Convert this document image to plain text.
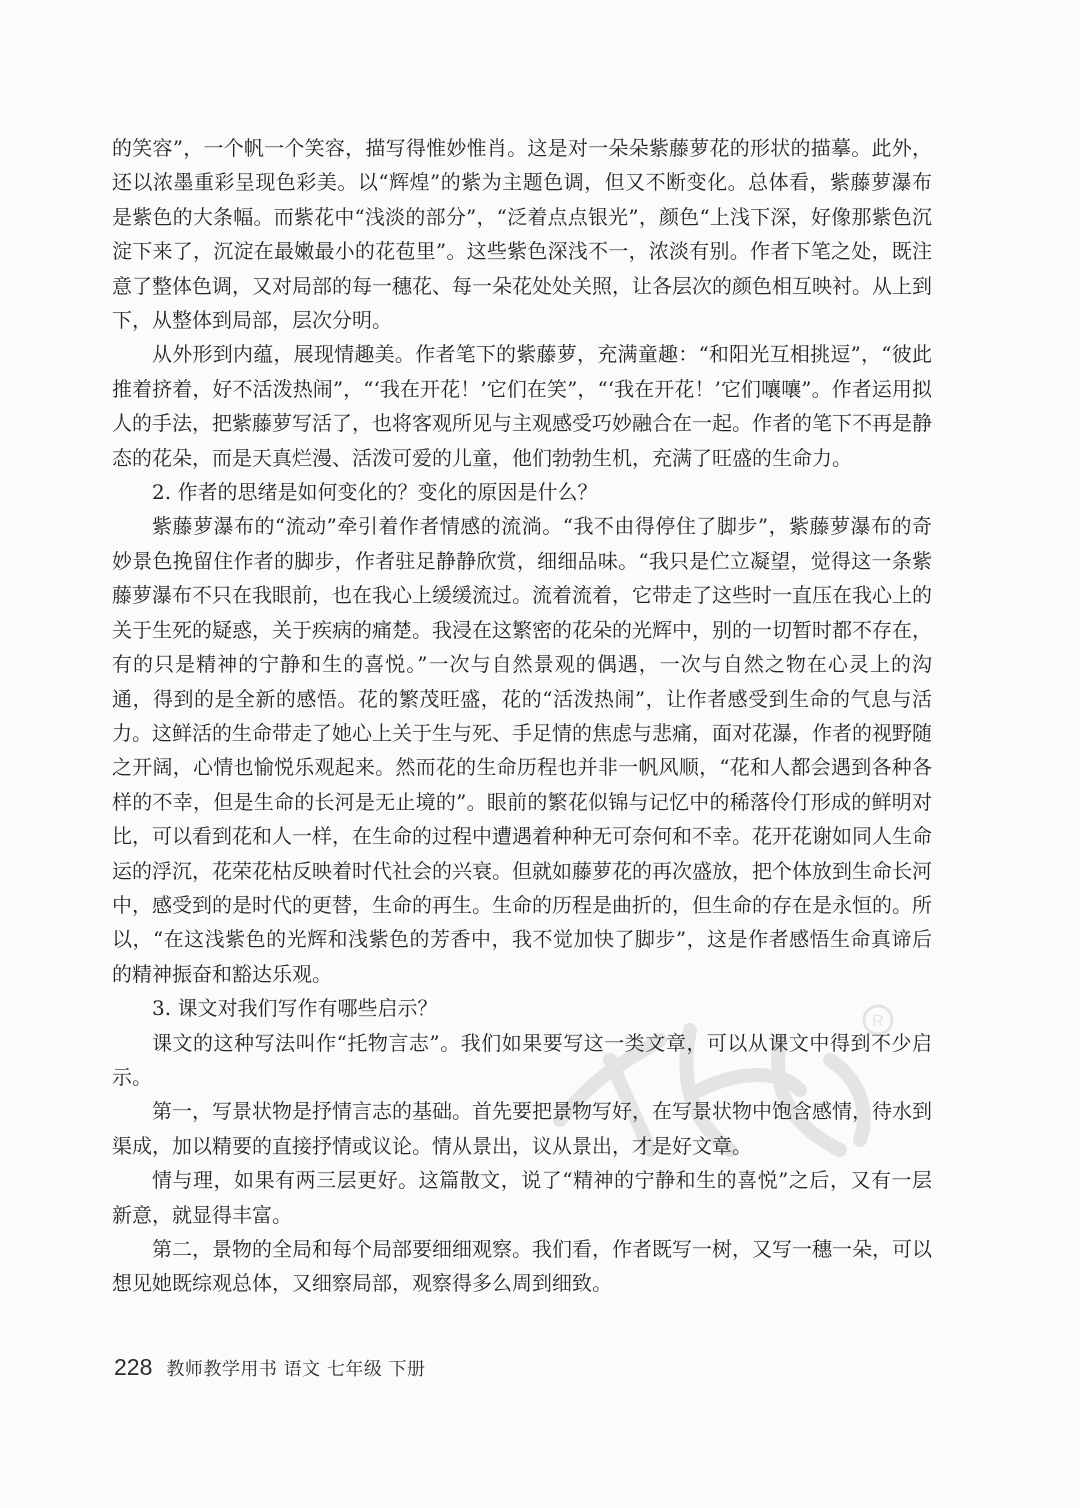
R

的笑容”，一个帆一个笑容，描写得惟妙惟肖。这是对一朵朵紫藤萝花的形状的描摹。此外，还以浓墨重彩呈现色彩美。以“辉煌”的紫为主题色调，但又不断变化。总体看，紫藤萝瀑布是紫色的大条幅。而紫花中“浅淡的部分”，“泛着点点银光”，颜色“上浅下深，好像那紫色沉淀下来了，沉淀在最嫩最小的花苞里”。这些紫色深浅不一，浓淡有别。作者下笔之处，既注意了整体色调，又对局部的每一穗花、每一朵花处处关照，让各层次的颜色相互映衬。从上到下，从整体到局部，层次分明。

从外形到内蕴，展现情趣美。作者笔下的紫藤萝，充满童趣：“和阳光互相挑逗”，“彼此推着挤着，好不活泼热闹”，“‘我在开花！’它们在笑”，“‘我在开花！’它们嚷嚷”。作者运用拟人的手法，把紫藤萝写活了，也将客观所见与主观感受巧妙融合在一起。作者的笔下不再是静态的花朵，而是天真烂漫、活泼可爱的儿童，他们勃勃生机，充满了旺盛的生命力。

2. 作者的思绪是如何变化的？变化的原因是什么？

紫藤萝瀑布的“流动”牵引着作者情感的流淌。“我不由得停住了脚步”，紫藤萝瀑布的奇妙景色挽留住作者的脚步，作者驻足静静欣赏，细细品味。“我只是伫立凝望，觉得这一条紫藤萝瀑布不只在我眼前，也在我心上缓缓流过。流着流着，它带走了这些时一直压在我心上的关于生死的疑惑，关于疾病的痛楚。我浸在这繁密的花朵的光辉中，别的一切暂时都不存在，有的只是精神的宁静和生的喜悦。”一次与自然景观的偶遇，一次与自然之物在心灵上的沟通，得到的是全新的感悟。花的繁茂旺盛，花的“活泼热闹”，让作者感受到生命的气息与活力。这鲜活的生命带走了她心上关于生与死、手足情的焦虑与悲痛，面对花瀑，作者的视野随之开阔，心情也愉悦乐观起来。然而花的生命历程也并非一帆风顺，“花和人都会遇到各种各样的不幸，但是生命的长河是无止境的”。眼前的繁花似锦与记忆中的稀落伶仃形成的鲜明对比，可以看到花和人一样，在生命的过程中遭遇着种种无可奈何和不幸。花开花谢如同人生命运的浮沉，花荣花枯反映着时代社会的兴衰。但就如藤萝花的再次盛放，把个体放到生命长河中，感受到的是时代的更替，生命的再生。生命的历程是曲折的，但生命的存在是永恒的。所以，“在这浅紫色的光辉和浅紫色的芳香中，我不觉加快了脚步”，这是作者感悟生命真谛后的精神振奋和豁达乐观。

3. 课文对我们写作有哪些启示？

课文的这种写法叫作“托物言志”。我们如果要写这一类文章，可以从课文中得到不少启示。

第一，写景状物是抒情言志的基础。首先要把景物写好，在写景状物中饱含感情，待水到渠成，加以精要的直接抒情或议论。情从景出，议从景出，才是好文章。

情与理，如果有两三层更好。这篇散文，说了“精神的宁静和生的喜悦”之后，又有一层新意，就显得丰富。

第二，景物的全局和每个局部要细细观察。我们看，作者既写一树，又写一穗一朵，可以想见她既综观总体，又细察局部，观察得多么周到细致。

228 教师教学用书 语文 七年级 下册
